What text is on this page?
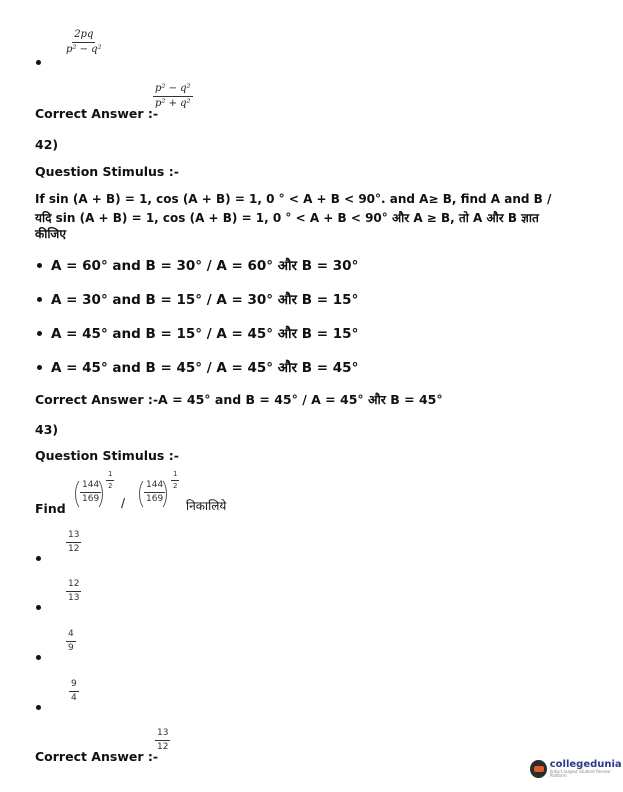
$\frac{2pq}{\text{p² − q²}}$
Correct Answer :-
$\frac{\text{p² − q²}}{\text{p² + q²}}$
42)
Question Stimulus :-
If sin (A + B) = 1, cos (A + B) = 1, 0 ° < A + B < 90°. and A≥ B, find A and B /
यदि sin (A + B) = 1, cos (A + B) = 1, 0 ° < A + B < 90° और A ≥ B, तो A और B ज्ञात
कीजिए
A = 60° and B = 30° / A = 60° और B = 30°
A = 30° and B = 15° / A = 30° और B = 15°
A = 45° and B = 15° / A = 45° और B = 15°
A = 45° and B = 45° / A = 45° और B = 45°
Correct Answer :-A = 45° and B = 45° / A = 45° और B = 45°
43)
Question Stimulus :-
Find
$\frac{144}{169}$
$\frac{1}{2}$
/ $\frac{144}{169}$
$\frac{1}{2}$
निकालिये
$\frac{13}{12}$
$\frac{12}{13}$
$\frac{4}{9}$
$\frac{9}{4}$
Correct Answer :-
$\frac{13}{12}$
collegedunia
India's largest Student Review Platform
